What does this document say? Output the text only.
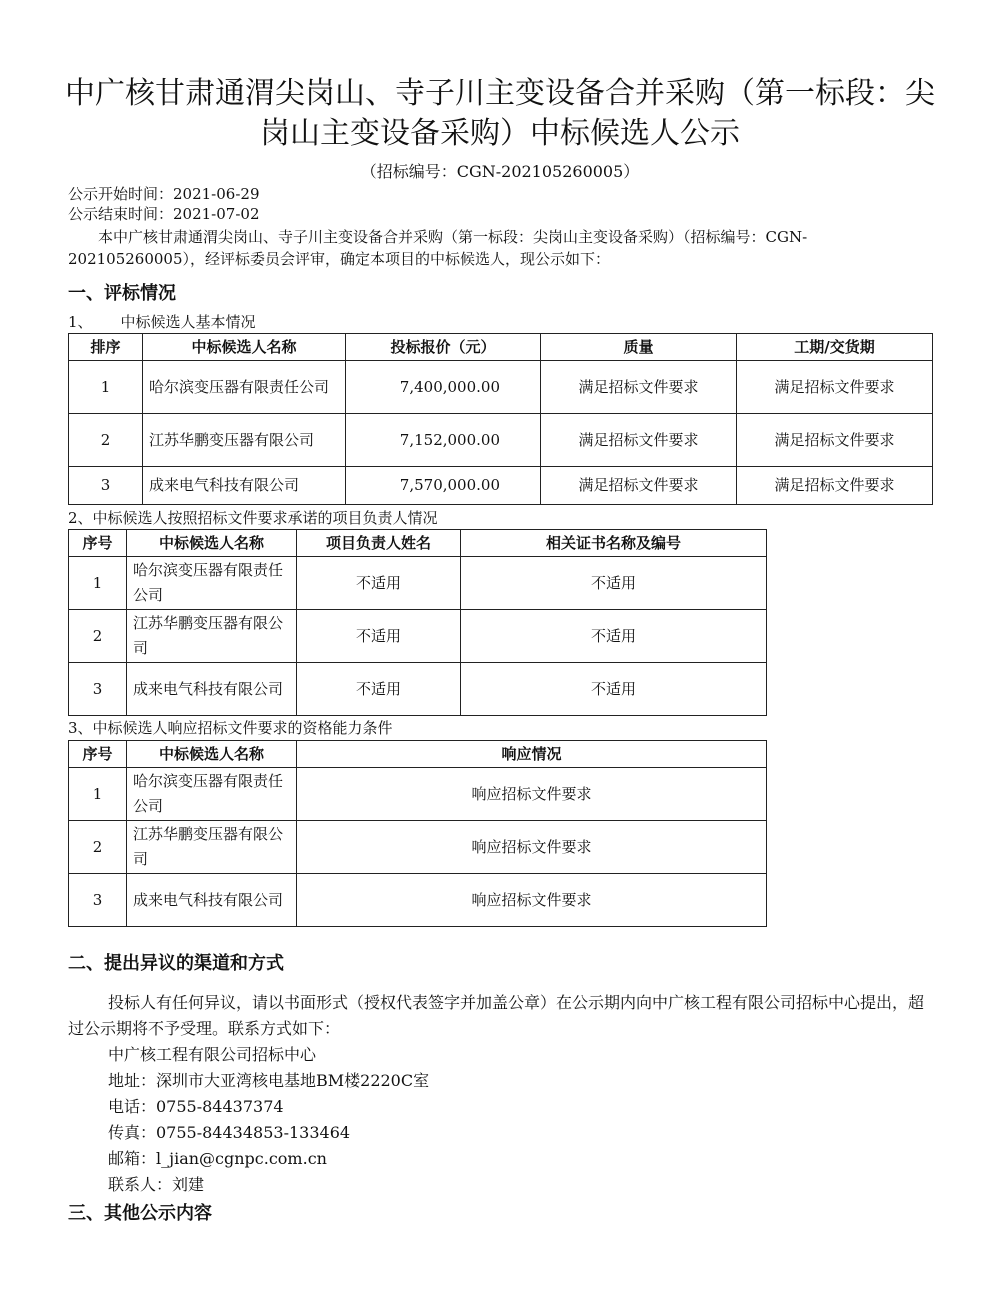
中广核甘肃通渭尖岗山、寺子川主变设备合并采购（第一标段：尖
岗山主变设备采购）中标候选人公示
（招标编号：CGN-202105260005）
公示开始时间：2021-06-29
公示结束时间：2021-07-02
本中广核甘肃通渭尖岗山、寺子川主变设备合并采购（第一标段：尖岗山主变设备采购）（招标编号：CGN-202105260005），经评标委员会评审，确定本项目的中标候选人，现公示如下：
一、评标情况
1、 中标候选人基本情况
排序	中标候选人名称	投标报价（元）	质量	工期/交货期
1	哈尔滨变压器有限责任公司	7,400,000.00	满足招标文件要求	满足招标文件要求
2	江苏华鹏变压器有限公司	7,152,000.00	满足招标文件要求	满足招标文件要求
3	成来电气科技有限公司	7,570,000.00	满足招标文件要求	满足招标文件要求
2、中标候选人按照招标文件要求承诺的项目负责人情况
序号	中标候选人名称	项目负责人姓名	相关证书名称及编号
1	哈尔滨变压器有限责任公司	不适用	不适用
2	江苏华鹏变压器有限公司	不适用	不适用
3	成来电气科技有限公司	不适用	不适用
3、中标候选人响应招标文件要求的资格能力条件
序号	中标候选人名称	响应情况
1	哈尔滨变压器有限责任公司	响应招标文件要求
2	江苏华鹏变压器有限公司	响应招标文件要求
3	成来电气科技有限公司	响应招标文件要求
二、提出异议的渠道和方式
投标人有任何异议，请以书面形式（授权代表签字并加盖公章）在公示期内向中广核工程有限公司招标中心提出，超过公示期将不予受理。联系方式如下：
中广核工程有限公司招标中心
地址：深圳市大亚湾核电基地BM楼2220C室
电话：0755-84437374
传真：0755-84434853-133464
邮箱：l_jian@cgnpc.com.cn
联系人：刘建
三、其他公示内容
